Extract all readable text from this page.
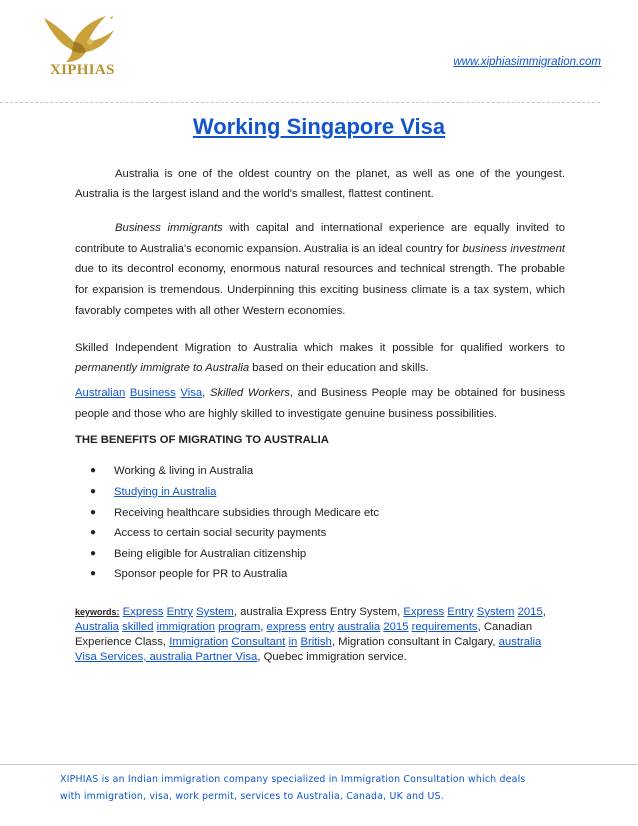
XIPHIAS	www.xiphiasimmigration.com
Working Singapore Visa

Australia is one of the oldest country on the planet, as well as one of the youngest. Australia is the largest island and the world's smallest, flattest continent.

Business immigrants with capital and international experience are equally invited to contribute to Australia's economic expansion. Australia is an ideal country for business investment due to its decontrol economy, enormous natural resources and technical strength. The probable for expansion is tremendous. Underpinning this exciting business climate is a tax system, which favorably competes with all other Western economies.

Skilled Independent Migration to Australia which makes it possible for qualified workers to permanently immigrate to Australia based on their education and skills.

Australian Business Visa, Skilled Workers, and Business People may be obtained for business people and those who are highly skilled to investigate genuine business possibilities.

THE BENEFITS OF MIGRATING TO AUSTRALIA
● Working & living in Australia
● Studying in Australia
● Receiving healthcare subsidies through Medicare etc
● Access to certain social security payments
● Being eligible for Australian citizenship
● Sponsor people for PR to Australia

keywords: Express Entry System, australia Express Entry System, Express Entry System 2015, Australia skilled immigration program, express entry australia 2015 requirements, Canadian Experience Class, Immigration Consultant in British, Migration consultant in Calgary, australia Visa Services, australia Partner Visa, Quebec immigration service.

XIPHIAS is an Indian immigration company specialized in Immigration Consultation which deals
with immigration, visa, work permit, services to Australia, Canada, UK and US.
